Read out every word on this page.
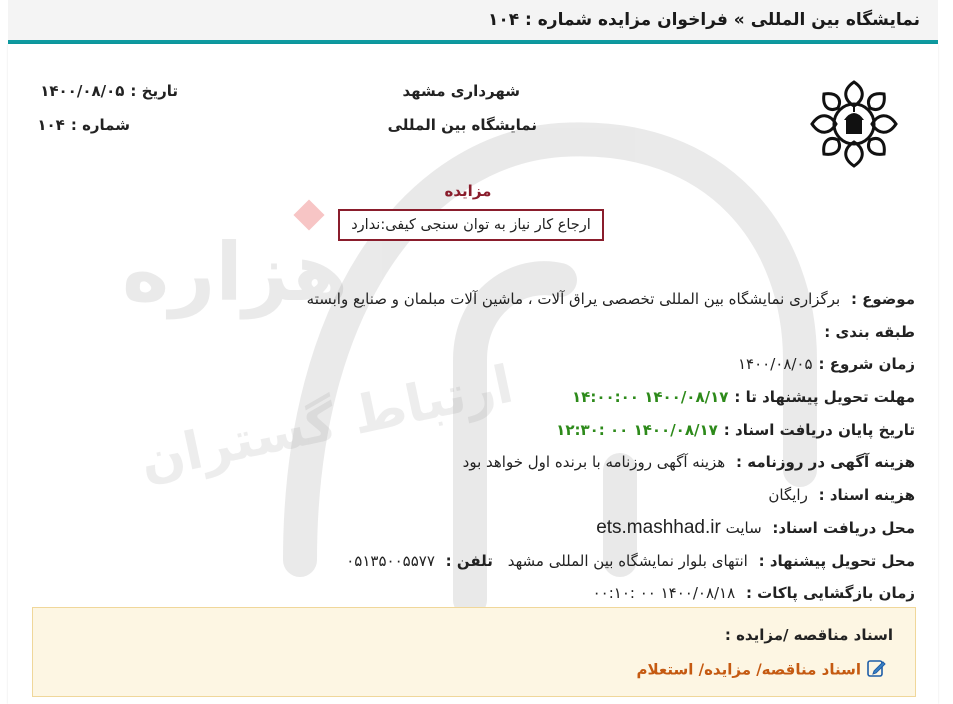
نمایشگاه بین المللی » فراخوان مزایده شماره : ۱۰۴
شهرداری مشهد
نمایشگاه بین المللی
تاریخ :۱۴۰۰/۰۸/۰۵
شماره :۱۰۴
مزایده
ارجاع کار نیاز به توان سنجی کیفی:ندارد
موضوع : برگزاری نمایشگاه بین المللی تخصصی یراق آلات ، ماشین آلات مبلمان و صنایع وابسته
طبقه بندی :
زمان شروع :۱۴۰۰/۰۸/۰۵
مهلت تحویل پیشنهاد تا :۱۴۰۰/۰۸/۱۷ ۱۴:۰۰:۰۰
تاریخ پایان دریافت اسناد :۱۴۰۰/۰۸/۱۷ ۰۰ :۱۲:۳۰
هزینه آگهی در روزنامه : هزینه آگهی روزنامه با برنده اول خواهد بود
هزینه اسناد : رایگان
محل دریافت اسناد: سایت ets.mashhad.ir
محل تحویل پیشنهاد : انتهای بلوار نمایشگاه بین المللی مشهد تلفن : ۰۵۱۳۵۰۰۵۵۷۷
زمان بازگشایی پاکات : ۱۴۰۰/۰۸/۱۸ ۰۰ :۰۰:۱۰
اسناد مناقصه /مزایده :
اسناد مناقصه/ مزایده/ استعلام
